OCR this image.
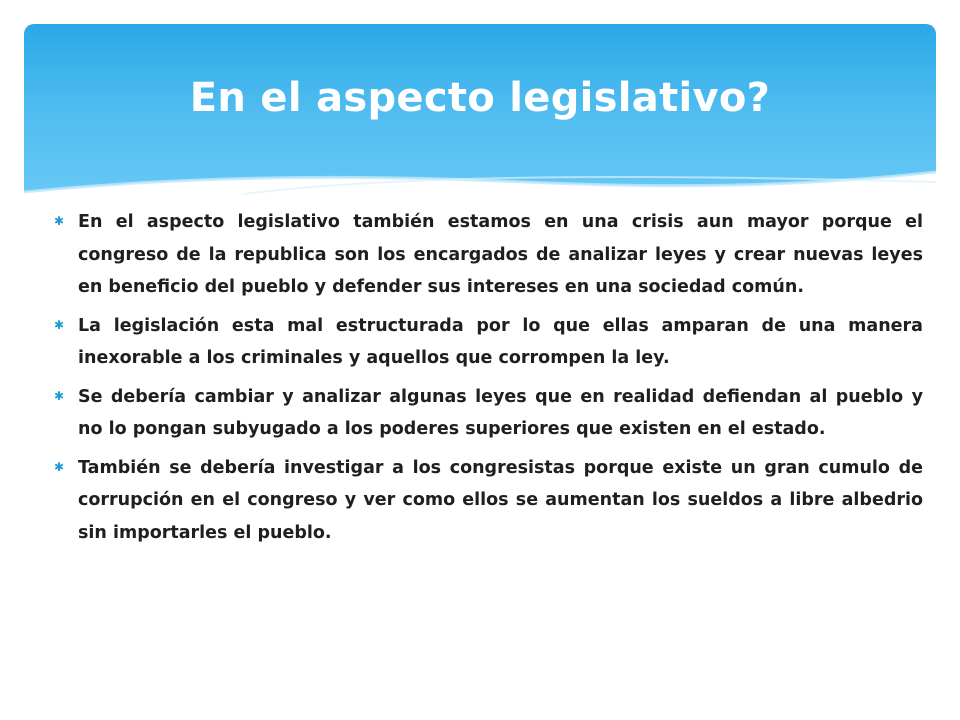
En el aspecto legislativo?
✱ En el aspecto legislativo también estamos en una crisis aun mayor porque el congreso de la republica son los encargados de analizar leyes y crear nuevas leyes en beneficio del pueblo y defender sus intereses en una sociedad común.
✱ La legislación esta mal estructurada por lo que ellas amparan de una manera inexorable a los criminales y aquellos que corrompen la ley.
✱ Se debería cambiar y analizar algunas leyes que en realidad defiendan al pueblo y no lo pongan subyugado a los poderes superiores que existen en el estado.
✱ También se debería investigar a los congresistas porque existe un gran cumulo de corrupción en el congreso y ver como ellos se aumentan los sueldos a libre albedrio sin importarles el pueblo.
